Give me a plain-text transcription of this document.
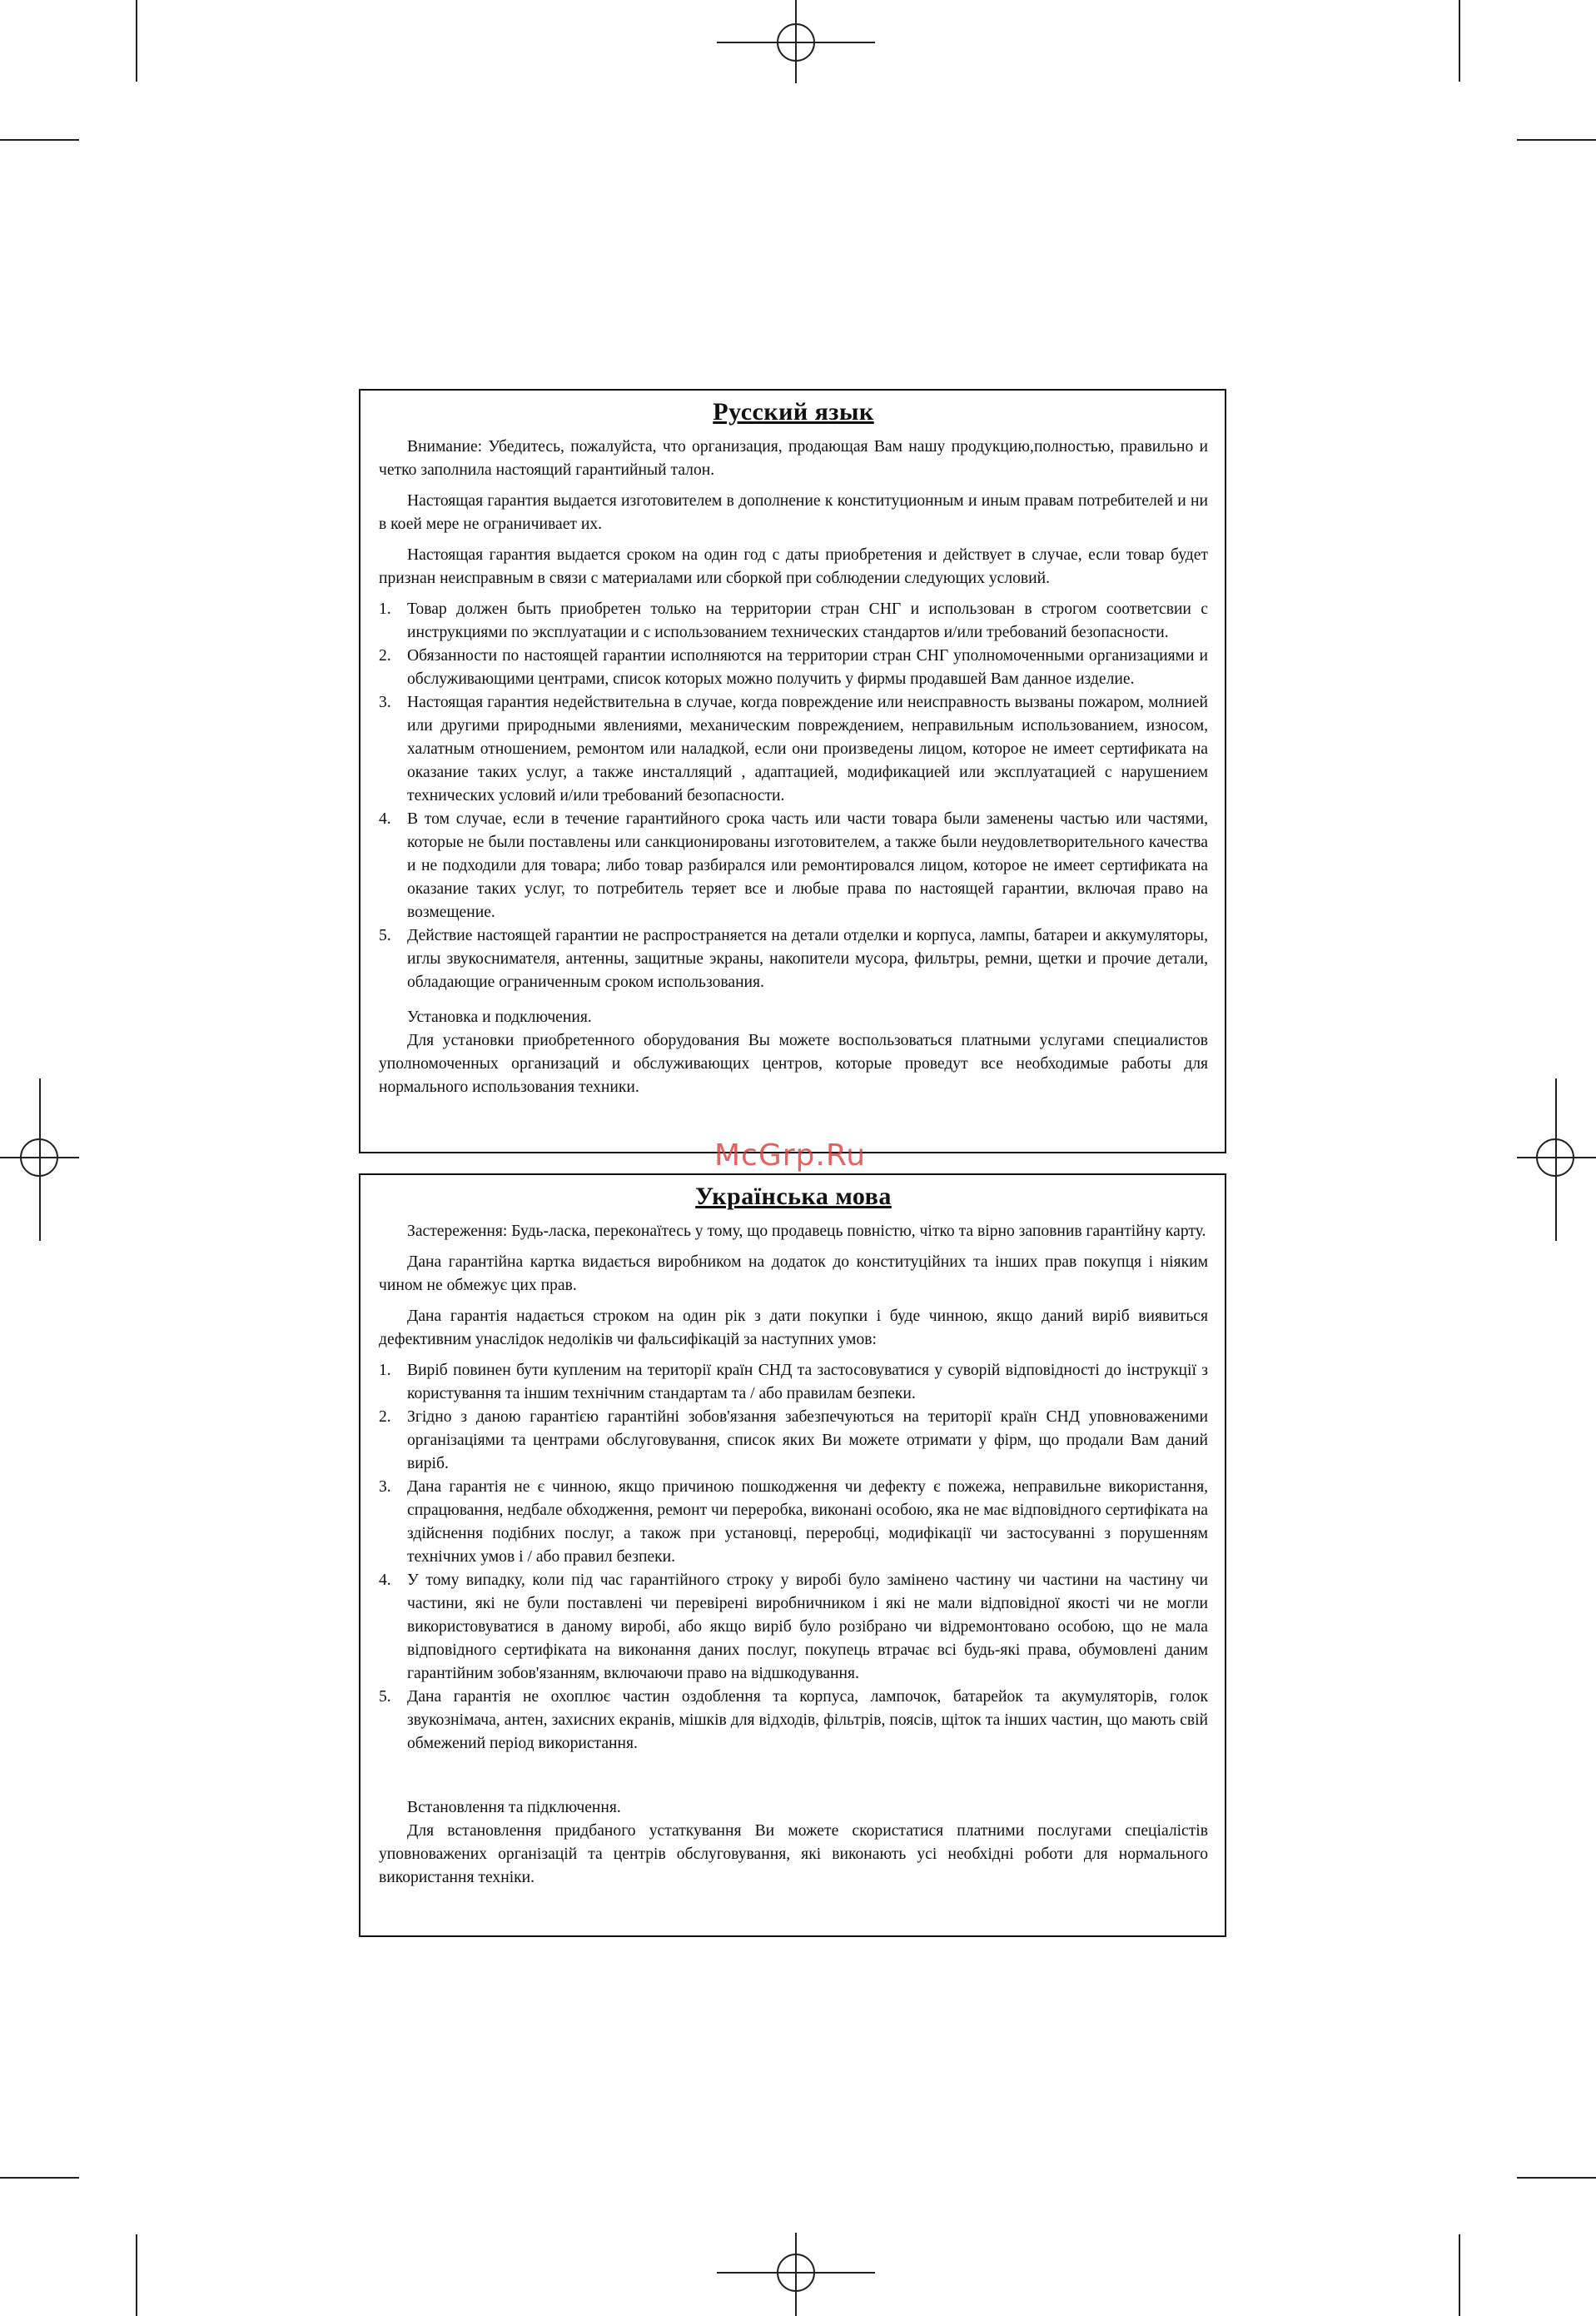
Русский язык

Внимание: Убедитесь, пожалуйста, что организация, продающая Вам нашу продукцию,полностью, правильно и четко заполнила настоящий гарантийный талон.

Настоящая гарантия выдается изготовителем в дополнение к конституционным и иным правам потребителей и ни в коей мере не ограничивает их.

Настоящая гарантия выдается сроком на один год с даты приобретения и действует в случае, если товар будет признан неисправным в связи с материалами или сборкой при соблюдении следующих условий.

1. Товар должен быть приобретен только на территории стран СНГ и использован в строгом соответсвии с инструкциями по эксплуатации и с использованием технических стандартов и/или требований безопасности.
2. Обязанности по настоящей гарантии исполняются на территории стран СНГ уполномоченными организациями и обслуживающими центрами, список которых можно получить у фирмы продавшей Вам данное изделие.
3. Настоящая гарантия недействительна в случае, когда повреждение или неисправность вызваны пожаром, молнией или другими природными явлениями, механическим повреждением, неправильным использованием, износом, халатным отношением, ремонтом или наладкой, если они произведены лицом, которое не имеет сертификата на оказание таких услуг, а также инсталляций , адаптацией, модификацией или эксплуатацией с нарушением технических условий и/или требований безопасности.
4. В том случае, если в течение гарантийного срока часть или части товара были заменены частью или частями, которые не были поставлены или санкционированы изготовителем, а также были неудовлетворительного качества и не подходили для товара; либо товар разбирался или ремонтировался лицом, которое не имеет сертификата на оказание таких услуг, то потребитель теряет все и любые права по настоящей гарантии, включая право на возмещение.
5. Действие настоящей гарантии не распространяется на детали отделки и корпуса, лампы, батареи и аккумуляторы, иглы звукоснимателя, антенны, защитные экраны, накопители мусора, фильтры, ремни, щетки и прочие детали, обладающие ограниченным сроком использования.

Установка и подключения.

Для установки приобретенного оборудования Вы можете воспользоваться платными услугами специалистов уполномоченных организаций и обслуживающих центров, которые проведут все необходимые работы для нормального использования техники.

McGrp.Ru
Українська мова

Застереження: Будь-ласка, переконаїтесь у тому, що продавець повністю, чітко та вірно заповнив гарантійну карту.

Дана гарантійна картка видається виробником на додаток до конституційних та інших прав покупця і ніяким чином не обмежує цих прав.

Дана гарантія надається строком на один рік з дати покупки і буде чинною, якщо даний виріб виявиться дефективним унаслідок недоліків чи фальсифікацій за наступних умов:

1. Виріб повинен бути купленим на території країн СНД та застосовуватися у суворій відповідності до інструкції з користування та іншим технічним стандартам та / або правилам безпеки.
2. Згідно з даною гарантією гарантійні зобов'язання забезпечуються на території країн СНД уповноваженими організаціями та центрами обслуговування, список яких Ви можете отримати у фірм, що продали Вам даний виріб.
3. Дана гарантія не є чинною, якщо причиною пошкодження чи дефекту є пожежа, неправильне використання, спрацювання, недбале обходження, ремонт чи переробка, виконані особою, яка не має відповідного сертифіката на здійснення подібних послуг, а також при установці, переробці, модифікації чи застосуванні з порушенням технічних умов і / або правил безпеки.
4. У тому випадку, коли під час гарантійного строку у виробі було замінено частину чи частини на частину чи частини, які не були поставлені чи перевірені виробничником і які не мали відповідної якості чи не могли використовуватися в даному виробі, або якщо виріб було розібрано чи відремонтовано особою, що не мала відповідного сертифіката на виконання даних послуг, покупець втрачає всі будь-які права, обумовлені даним гарантійним зобов'язанням, включаючи право на відшкодування.
5. Дана гарантія не охоплює частин оздоблення та корпуса, лампочок, батарейок та акумуляторів, голок звукознімача, антен, захисних екранів, мішків для відходів, фільтрів, поясів, щіток та інших частин, що мають свій обмежений період використання.

Встановлення та підключення.

Для встановлення придбаного устаткування Ви можете скористатися платними послугами спеціалістів уповноважених організацій та центрів обслуговування, які виконають усі необхідні роботи для нормального використання техніки.
